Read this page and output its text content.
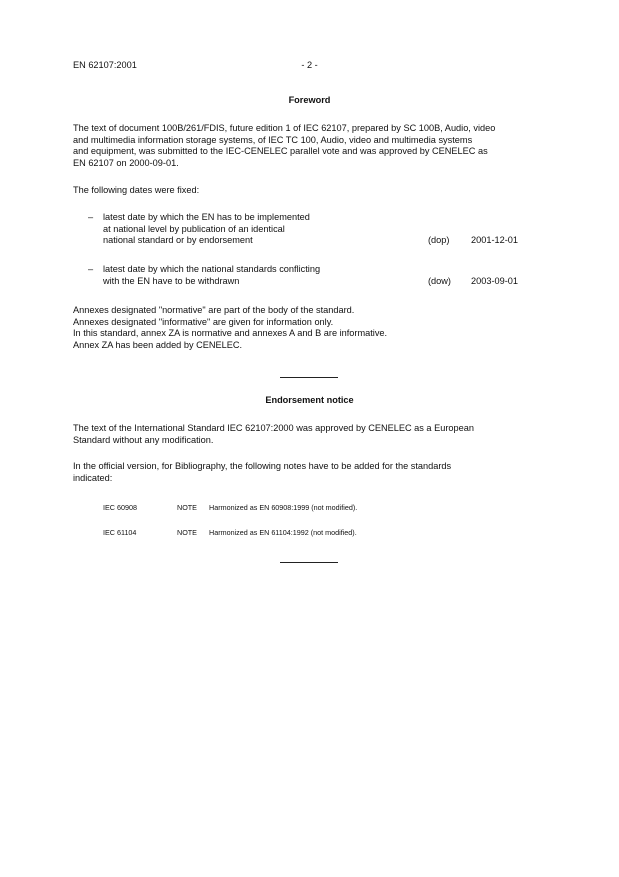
EN 62107:2001	- 2 -
Foreword
The text of document 100B/261/FDIS, future edition 1 of IEC 62107, prepared by SC 100B, Audio, video
and multimedia information storage systems, of IEC TC 100, Audio, video and multimedia systems
and equipment, was submitted to the IEC-CENELEC parallel vote and was approved by CENELEC as
EN 62107 on 2000-09-01.
The following dates were fixed:
– latest date by which the EN has to be implemented
at national level by publication of an identical
national standard or by endorsement	(dop) 2001-12-01
– latest date by which the national standards conflicting
with the EN have to be withdrawn	(dow) 2003-09-01
Annexes designated "normative" are part of the body of the standard.
Annexes designated "informative" are given for information only.
In this standard, annex ZA is normative and annexes A and B are informative.
Annex ZA has been added by CENELEC.
Endorsement notice
The text of the International Standard IEC 62107:2000 was approved by CENELEC as a European
Standard without any modification.
In the official version, for Bibliography, the following notes have to be added for the standards
indicated:
IEC 60908	NOTE Harmonized as EN 60908:1999 (not modified).
IEC 61104	NOTE Harmonized as EN 61104:1992 (not modified).
